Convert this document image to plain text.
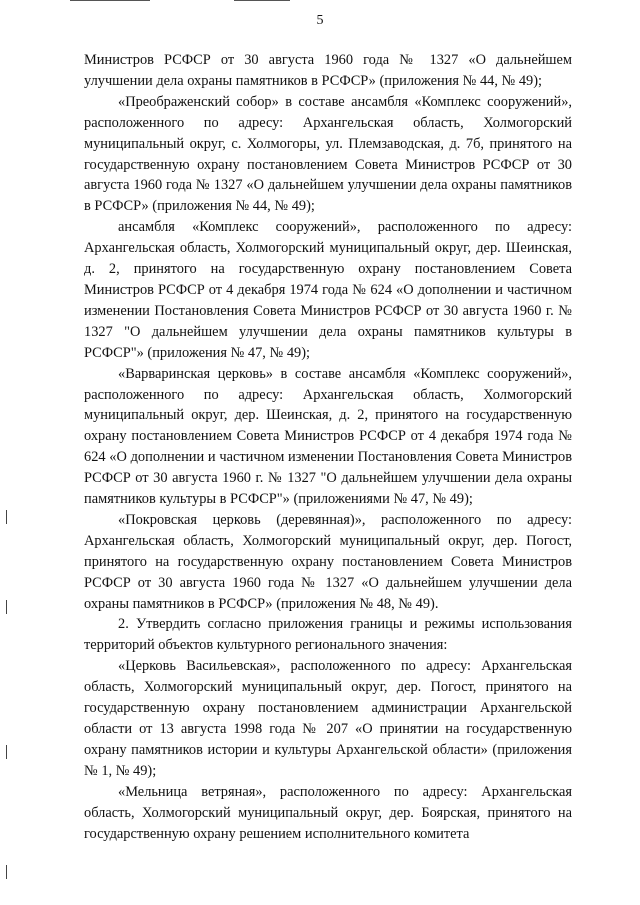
5

Министров РСФСР от 30 августа 1960 года № 1327 «О дальнейшем улучшении дела охраны памятников в РСФСР» (приложения № 44, № 49);

«Преображенский собор» в составе ансамбля «Комплекс сооружений», расположенного по адресу: Архангельская область, Холмогорский муниципальный округ, с. Холмогоры, ул. Племзаводская, д. 7б, принятого на государственную охрану постановлением Совета Министров РСФСР от 30 августа 1960 года № 1327 «О дальнейшем улучшении дела охраны памятников в РСФСР» (приложения № 44, № 49);

ансамбля «Комплекс сооружений», расположенного по адресу: Архангельская область, Холмогорский муниципальный округ, дер. Шеинская, д. 2, принятого на государственную охрану постановлением Совета Министров РСФСР от 4 декабря 1974 года № 624 «О дополнении и частичном изменении Постановления Совета Министров РСФСР от 30 августа 1960 г. № 1327 "О дальнейшем улучшении дела охраны памятников культуры в РСФСР"» (приложения № 47, № 49);

«Варваринская церковь» в составе ансамбля «Комплекс сооружений», расположенного по адресу: Архангельская область, Холмогорский муниципальный округ, дер. Шеинская, д. 2, принятого на государственную охрану постановлением Совета Министров РСФСР от 4 декабря 1974 года № 624 «О дополнении и частичном изменении Постановления Совета Министров РСФСР от 30 августа 1960 г. № 1327 "О дальнейшем улучшении дела охраны памятников культуры в РСФСР"» (приложениями № 47, № 49);

«Покровская церковь (деревянная)», расположенного по адресу: Архангельская область, Холмогорский муниципальный округ, дер. Погост, принятого на государственную охрану постановлением Совета Министров РСФСР от 30 августа 1960 года № 1327 «О дальнейшем улучшении дела охраны памятников в РСФСР» (приложения № 48, № 49).

2. Утвердить согласно приложения границы и режимы использования территорий объектов культурного регионального значения:

«Церковь Васильевская», расположенного по адресу: Архангельская область, Холмогорский муниципальный округ, дер. Погост, принятого на государственную охрану постановлением администрации Архангельской области от 13 августа 1998 года № 207 «О принятии на государственную охрану памятников истории и культуры Архангельской области» (приложения № 1, № 49);

«Мельница ветряная», расположенного по адресу: Архангельская область, Холмогорский муниципальный округ, дер. Боярская, принятого на государственную охрану решением исполнительного комитета
